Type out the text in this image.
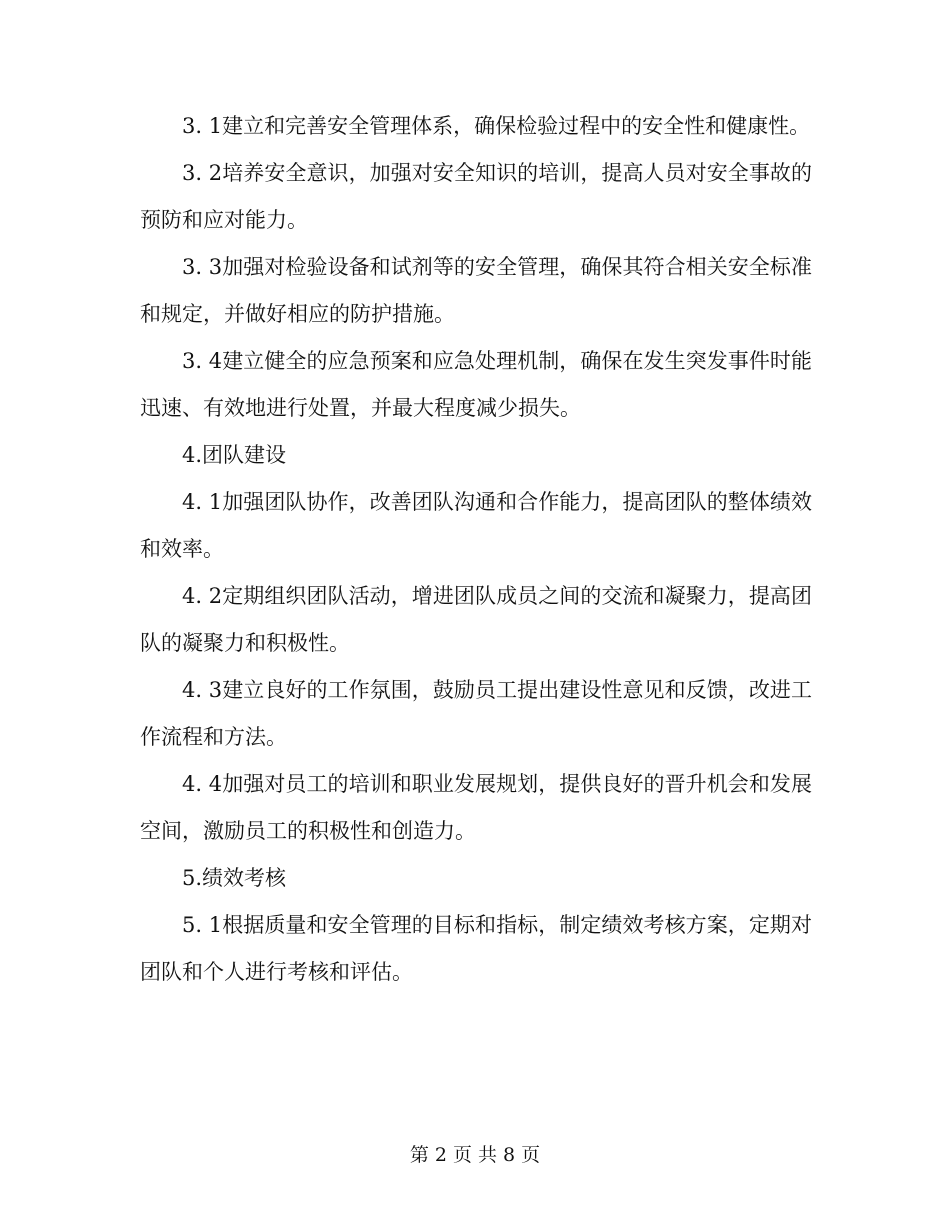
3. 1建立和完善安全管理体系，确保检验过程中的安全性和健康性。

3. 2培养安全意识，加强对安全知识的培训，提高人员对安全事故的预防和应对能力。

3. 3加强对检验设备和试剂等的安全管理，确保其符合相关安全标准和规定，并做好相应的防护措施。

3. 4建立健全的应急预案和应急处理机制，确保在发生突发事件时能迅速、有效地进行处置，并最大程度减少损失。

4.团队建设

4. 1加强团队协作，改善团队沟通和合作能力，提高团队的整体绩效和效率。

4. 2定期组织团队活动，增进团队成员之间的交流和凝聚力，提高团队的凝聚力和积极性。

4. 3建立良好的工作氛围，鼓励员工提出建设性意见和反馈，改进工作流程和方法。

4. 4加强对员工的培训和职业发展规划，提供良好的晋升机会和发展空间，激励员工的积极性和创造力。

5.绩效考核

5. 1根据质量和安全管理的目标和指标，制定绩效考核方案，定期对团队和个人进行考核和评估。

第 2 页 共 8 页
